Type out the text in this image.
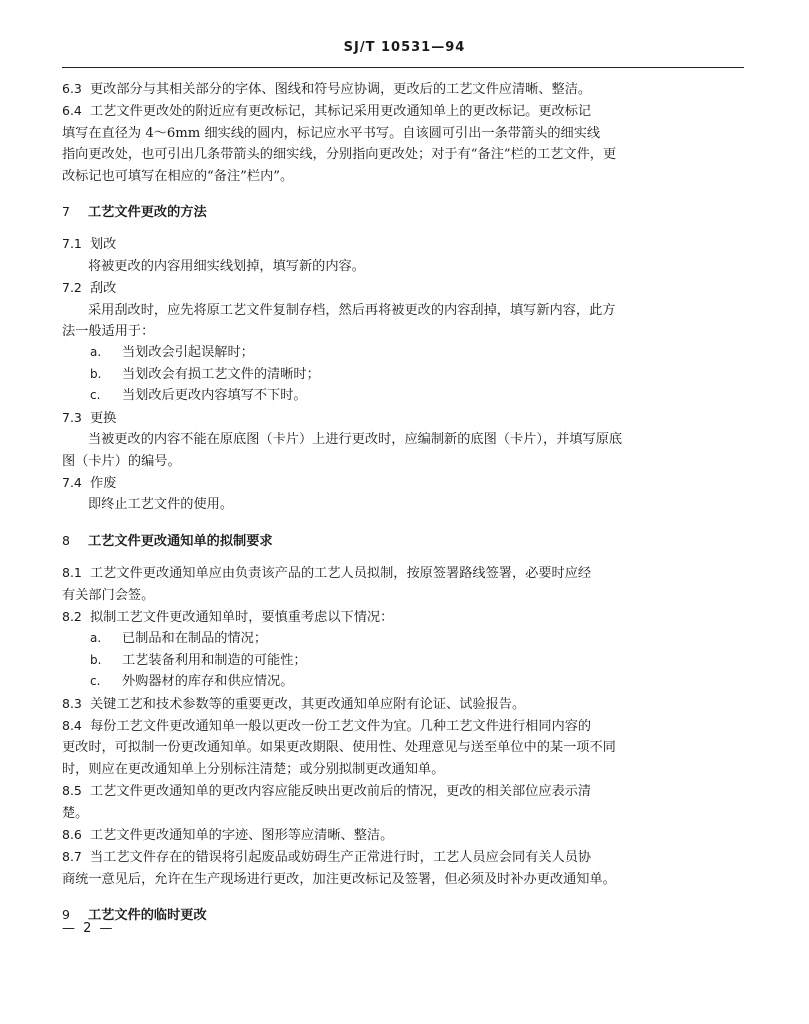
SJ/T 10531—94

6.3 更改部分与其相关部分的字体、图线和符号应协调，更改后的工艺文件应清晰、整洁。

6.4 工艺文件更改处的附近应有更改标记，其标记采用更改通知单上的更改标记。更改标记

填写在直径为 4～6mm 细实线的圆内，标记应水平书写。自该圆可引出一条带箭头的细实线

指向更改处，也可引出几条带箭头的细实线，分别指向更改处；对于有“备注”栏的工艺文件，更

改标记也可填写在相应的“备注”栏内”。

7 工艺文件更改的方法

7.1 划改

将被更改的内容用细实线划掉，填写新的内容。

7.2 刮改

采用刮改时，应先将原工艺文件复制存档，然后再将被更改的内容刮掉，填写新内容，此方

法一般适用于：

a. 当划改会引起误解时；

b. 当划改会有损工艺文件的清晰时；

c. 当划改后更改内容填写不下时。

7.3 更换

当被更改的内容不能在原底图（卡片）上进行更改时，应编制新的底图（卡片），并填写原底

图（卡片）的编号。

7.4 作废

即终止工艺文件的使用。

8 工艺文件更改通知单的拟制要求

8.1 工艺文件更改通知单应由负责该产品的工艺人员拟制，按原签署路线签署，必要时应经

有关部门会签。

8.2 拟制工艺文件更改通知单时，要慎重考虑以下情况：

a. 已制品和在制品的情况；

b. 工艺装备利用和制造的可能性；

c. 外购器材的库存和供应情况。

8.3 关键工艺和技术参数等的重要更改，其更改通知单应附有论证、试验报告。

8.4 每份工艺文件更改通知单一般以更改一份工艺文件为宜。几种工艺文件进行相同内容的

更改时，可拟制一份更改通知单。如果更改期限、使用性、处理意见与送至单位中的某一项不同

时，则应在更改通知单上分别标注清楚；或分别拟制更改通知单。

8.5 工艺文件更改通知单的更改内容应能反映出更改前后的情况，更改的相关部位应表示清

楚。

8.6 工艺文件更改通知单的字迹、图形等应清晰、整洁。

8.7 当工艺文件存在的错误将引起废品或妨碍生产正常进行时，工艺人员应会同有关人员协

商统一意见后，允许在生产现场进行更改，加注更改标记及签署，但必须及时补办更改通知单。

9 工艺文件的临时更改

— 2 —
